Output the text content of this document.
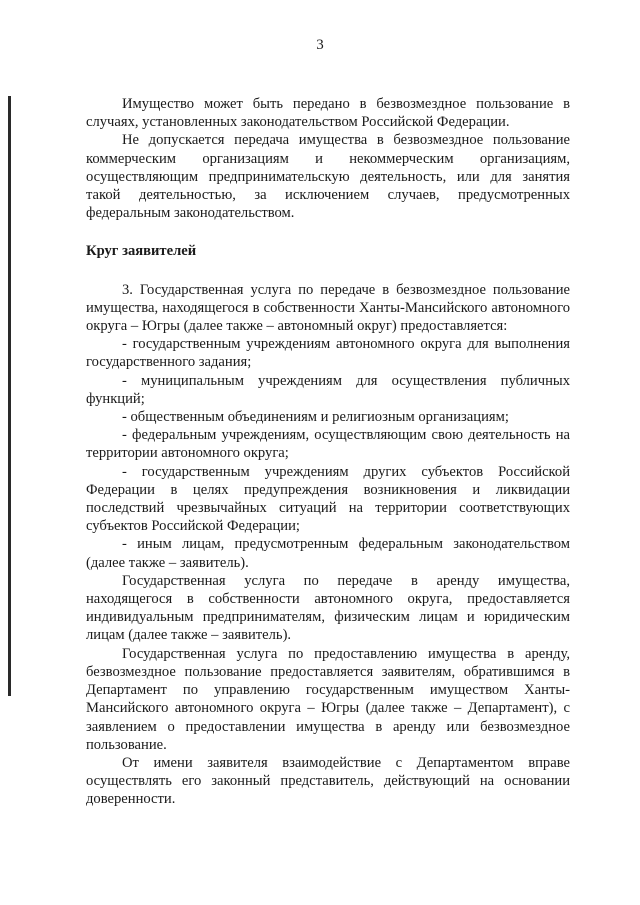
3

Имущество может быть передано в безвозмездное пользование в случаях, установленных законодательством Российской Федерации.

Не допускается передача имущества в безвозмездное пользование коммерческим организациям и некоммерческим организациям, осуществляющим предпринимательскую деятельность, или для занятия такой деятельностью, за исключением случаев, предусмотренных федеральным законодательством.

Круг заявителей

3. Государственная услуга по передаче в безвозмездное пользование имущества, находящегося в собственности Ханты-Мансийского автономного округа – Югры (далее также – автономный округ) предоставляется:

- государственным учреждениям автономного округа для выполнения государственного задания;

- муниципальным учреждениям для осуществления публичных функций;

- общественным объединениям и религиозным организациям;

- федеральным учреждениям, осуществляющим свою деятельность на территории автономного округа;

- государственным учреждениям других субъектов Российской Федерации в целях предупреждения возникновения и ликвидации последствий чрезвычайных ситуаций на территории соответствующих субъектов Российской Федерации;

- иным лицам, предусмотренным федеральным законодательством (далее также – заявитель).

Государственная услуга по передаче в аренду имущества, находящегося в собственности автономного округа, предоставляется индивидуальным предпринимателям, физическим лицам и юридическим лицам (далее также – заявитель).

Государственная услуга по предоставлению имущества в аренду, безвозмездное пользование предоставляется заявителям, обратившимся в Департамент по управлению государственным имуществом Ханты-Мансийского автономного округа – Югры (далее также – Департамент), с заявлением о предоставлении имущества в аренду или безвозмездное пользование.

От имени заявителя взаимодействие с Департаментом вправе осуществлять его законный представитель, действующий на основании доверенности.
